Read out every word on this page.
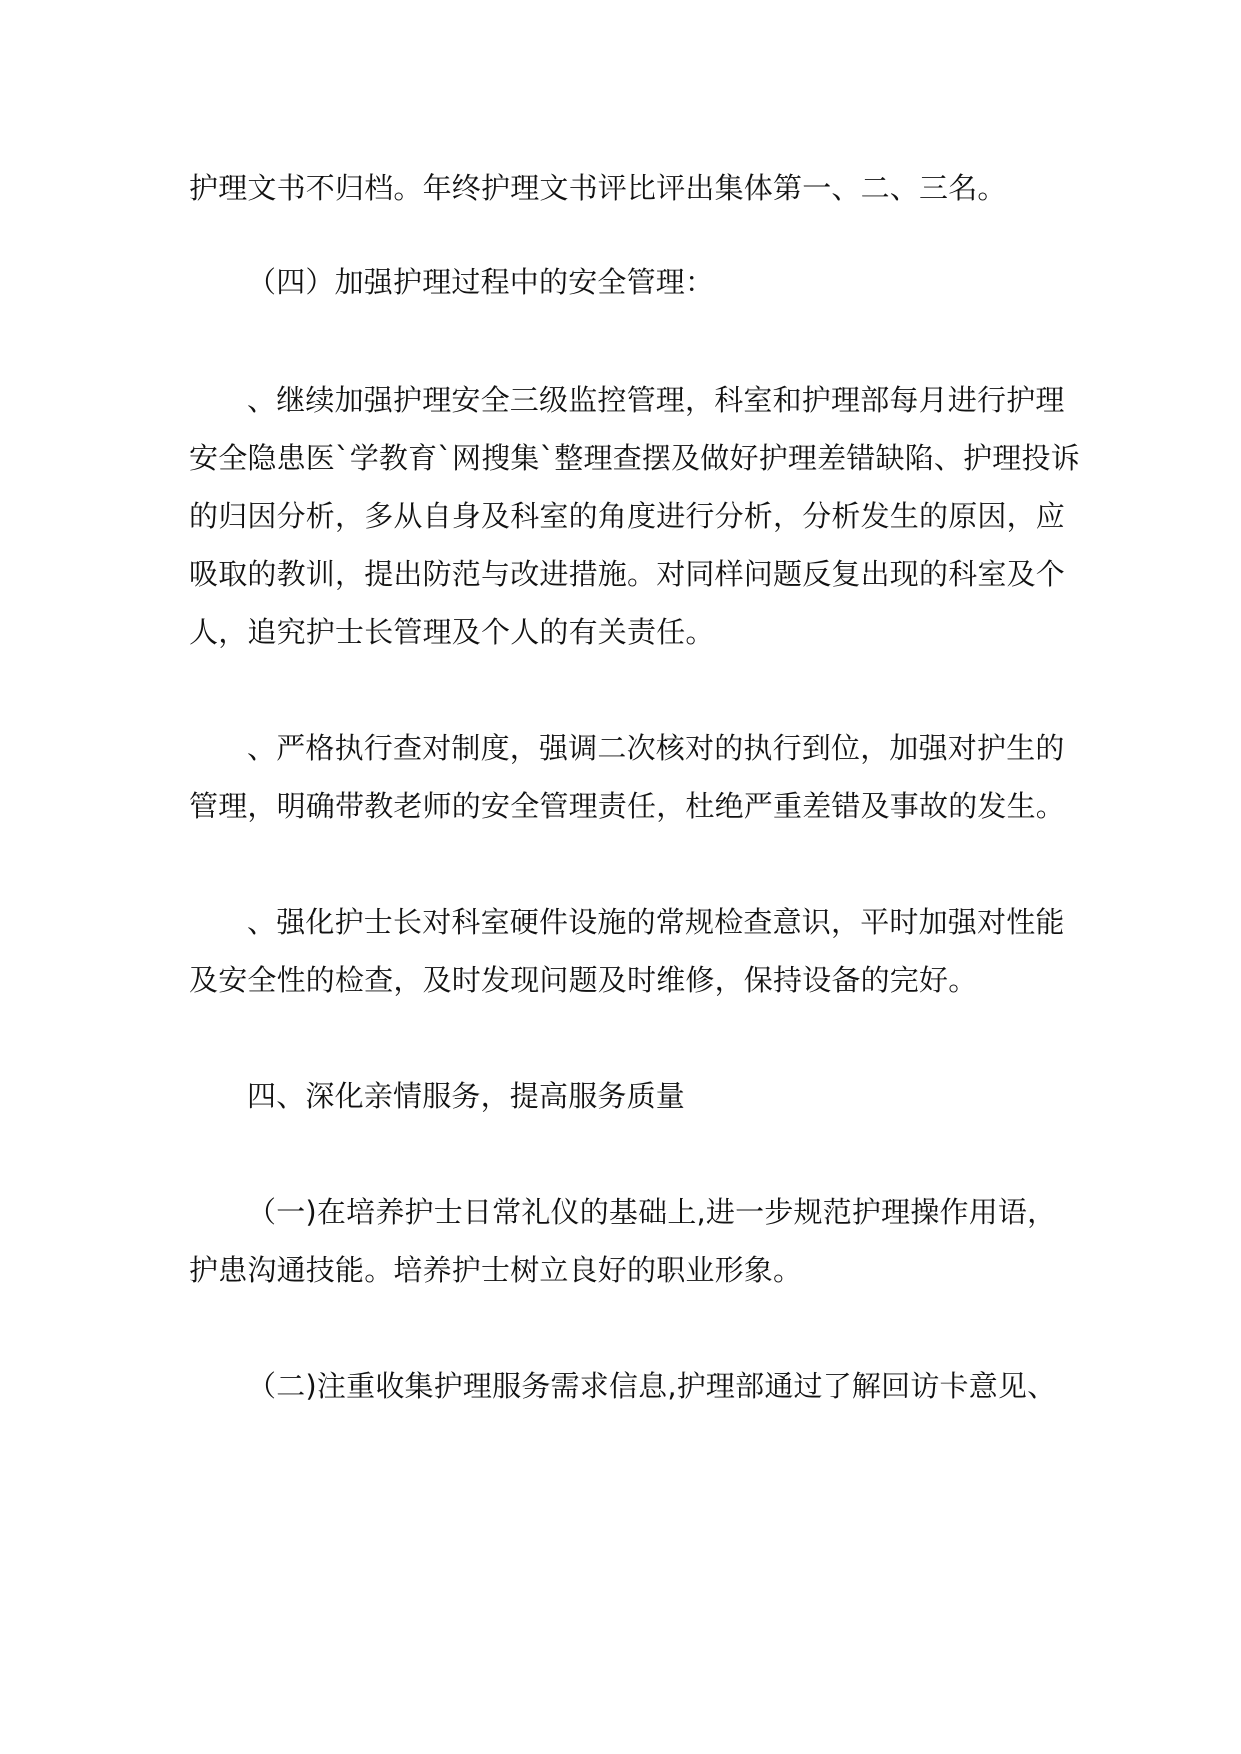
护理文书不归档。年终护理文书评比评出集体第一、二、三名。
（四）加强护理过程中的安全管理：
、继续加强护理安全三级监控管理，科室和护理部每月进行护理
安全隐患医`学教育`网搜集`整理查摆及做好护理差错缺陷、护理投诉
的归因分析，多从自身及科室的角度进行分析，分析发生的原因，应
吸取的教训，提出防范与改进措施。对同样问题反复出现的科室及个
人，追究护士长管理及个人的有关责任。
、严格执行查对制度，强调二次核对的执行到位，加强对护生的
管理，明确带教老师的安全管理责任，杜绝严重差错及事故的发生。
、强化护士长对科室硬件设施的常规检查意识，平时加强对性能
及安全性的检查，及时发现问题及时维修，保持设备的完好。
四、深化亲情服务，提高服务质量
（一)在培养护士日常礼仪的基础上,进一步规范护理操作用语，
护患沟通技能。培养护士树立良好的职业形象。
（二)注重收集护理服务需求信息,护理部通过了解回访卡意见、
